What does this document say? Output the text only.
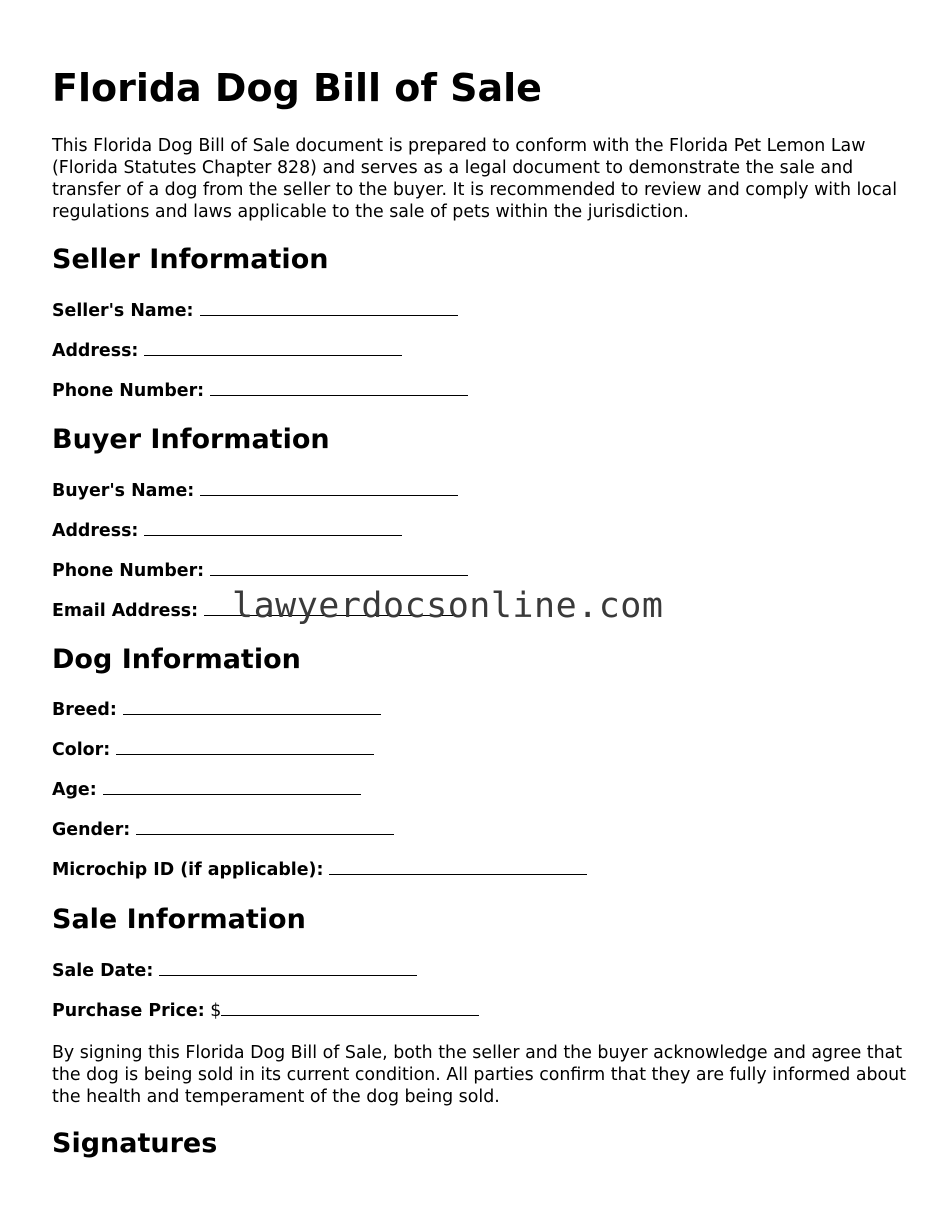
Florida Dog Bill of Sale

This Florida Dog Bill of Sale document is prepared to conform with the Florida Pet Lemon Law (Florida Statutes Chapter 828) and serves as a legal document to demonstrate the sale and transfer of a dog from the seller to the buyer. It is recommended to review and comply with local regulations and laws applicable to the sale of pets within the jurisdiction.

Seller Information
Seller's Name:
Address:
Phone Number:
Buyer Information
Buyer's Name:
Address:
Phone Number:
Email Address:
Dog Information
Breed:
Color:
Age:
Gender:
Microchip ID (if applicable):
Sale Information
Sale Date:
Purchase Price: $

By signing this Florida Dog Bill of Sale, both the seller and the buyer acknowledge and agree that the dog is being sold in its current condition. All parties confirm that they are fully informed about the health and temperament of the dog being sold.

Signatures
lawyerdocsonline.com
